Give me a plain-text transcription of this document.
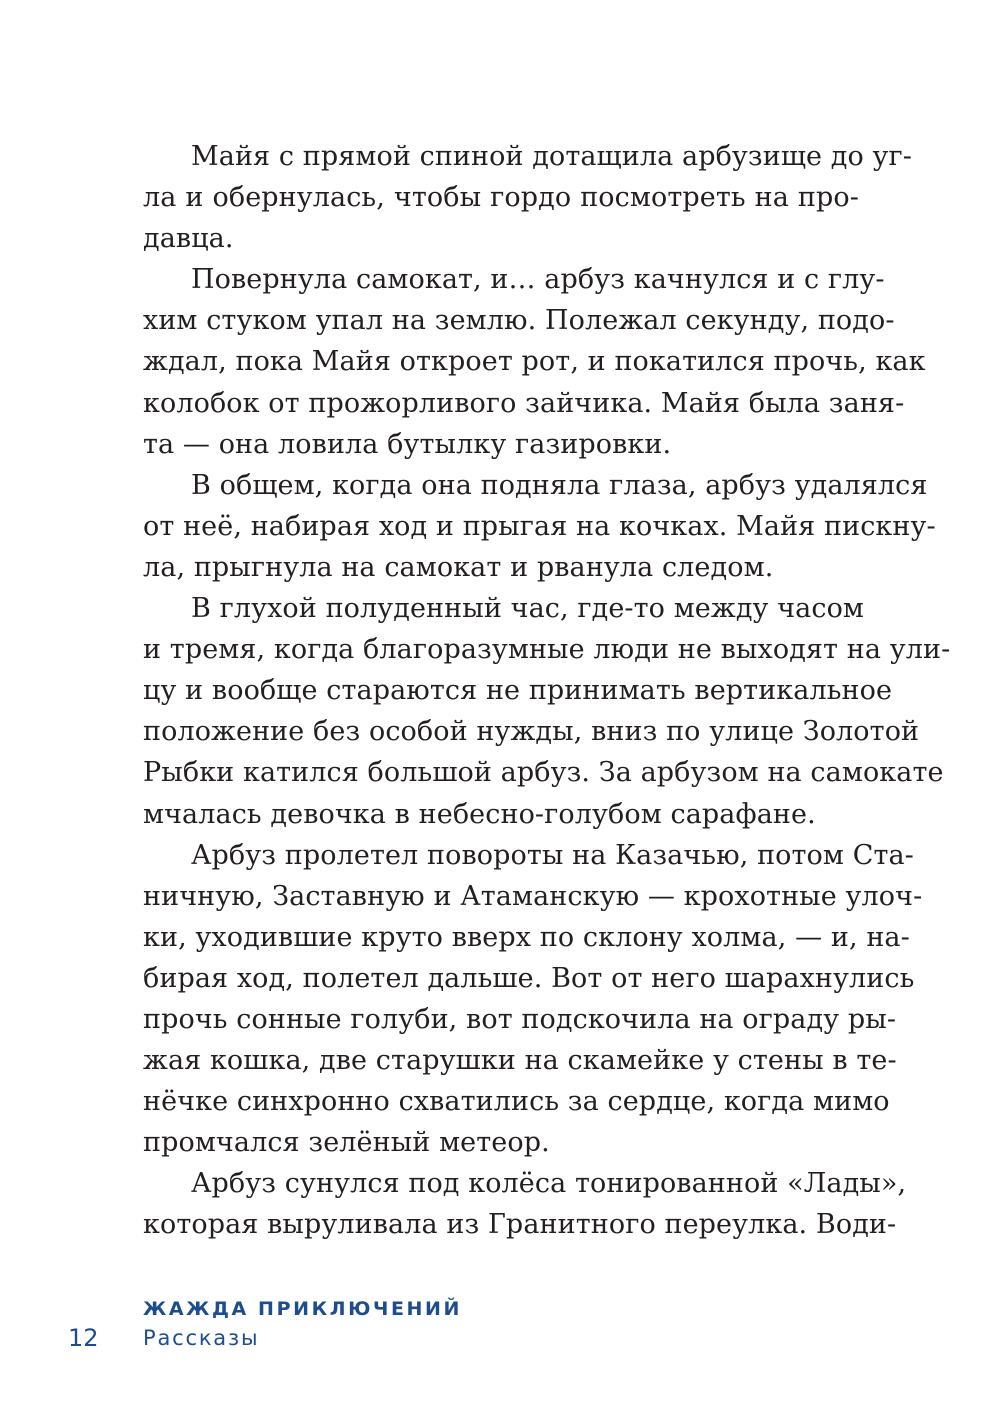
Майя с прямой спиной дотащила арбузище до уг-
ла и обернулась, чтобы гордо посмотреть на про-
давца.

Повернула самокат, и… арбуз качнулся и с глу-
хим стуком упал на землю. Полежал секунду, подо-
ждал, пока Майя откроет рот, и покатился прочь, как
колобок от прожорливого зайчика. Майя была заня-
та — она ловила бутылку газировки.

В общем, когда она подняла глаза, арбуз удалялся
от неё, набирая ход и прыгая на кочках. Майя пискну-
ла, прыгнула на самокат и рванула следом.

В глухой полуденный час, где-то между часом
и тремя, когда благоразумные люди не выходят на ули-
цу и вообще стараются не принимать вертикальное
положение без особой нужды, вниз по улице Золотой
Рыбки катился большой арбуз. За арбузом на самокате
мчалась девочка в небесно-голубом сарафане.

Арбуз пролетел повороты на Казачью, потом Ста-
ничную, Заставную и Атаманскую — крохотные улоч-
ки, уходившие круто вверх по склону холма, — и, на-
бирая ход, полетел дальше. Вот от него шарахнулись
прочь сонные голуби, вот подскочила на ограду ры-
жая кошка, две старушки на скамейке у стены в те-
нёчке синхронно схватились за сердце, когда мимо
промчался зелёный метеор.

Арбуз сунулся под колёса тонированной «Лады»,
которая выруливала из Гранитного переулка. Води-

ЖАЖДА ПРИКЛЮЧЕНИЙ
12 Рассказы
